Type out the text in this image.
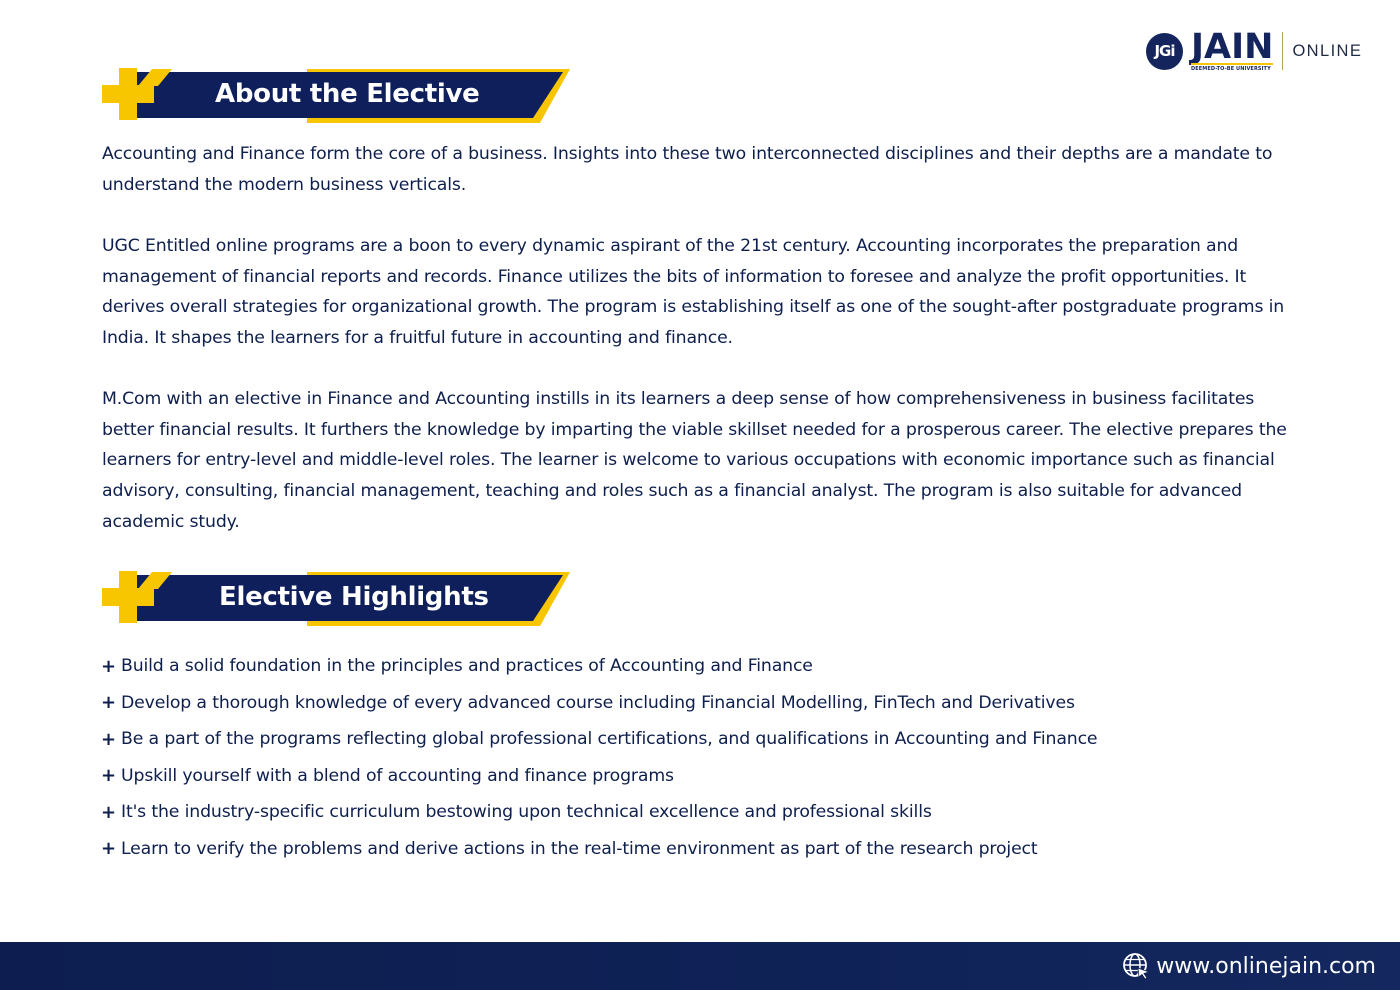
JGi JAIN
DEEMED-TO-BE UNIVERSITY
ONLINE
About the Elective

Accounting and Finance form the core of a business. Insights into these two interconnected disciplines and their depths are a mandate to understand the modern business verticals.

UGC Entitled online programs are a boon to every dynamic aspirant of the 21st century. Accounting incorporates the preparation and management of financial reports and records. Finance utilizes the bits of information to foresee and analyze the profit opportunities. It derives overall strategies for organizational growth. The program is establishing itself as one of the sought-after postgraduate programs in India. It shapes the learners for a fruitful future in accounting and finance.

M.Com with an elective in Finance and Accounting instills in its learners a deep sense of how comprehensiveness in business facilitates better financial results. It furthers the knowledge by imparting the viable skillset needed for a prosperous career. The elective prepares the learners for entry-level and middle-level roles. The learner is welcome to various occupations with economic importance such as financial advisory, consulting, financial management, teaching and roles such as a financial analyst. The program is also suitable for advanced academic study.

Elective Highlights
+ Build a solid foundation in the principles and practices of Accounting and Finance
+ Develop a thorough knowledge of every advanced course including Financial Modelling, FinTech and Derivatives
+ Be a part of the programs reflecting global professional certifications, and qualifications in Accounting and Finance
+ Upskill yourself with a blend of accounting and finance programs
+ It's the industry-specific curriculum bestowing upon technical excellence and professional skills
+ Learn to verify the problems and derive actions in the real-time environment as part of the research project
www.onlinejain.com
